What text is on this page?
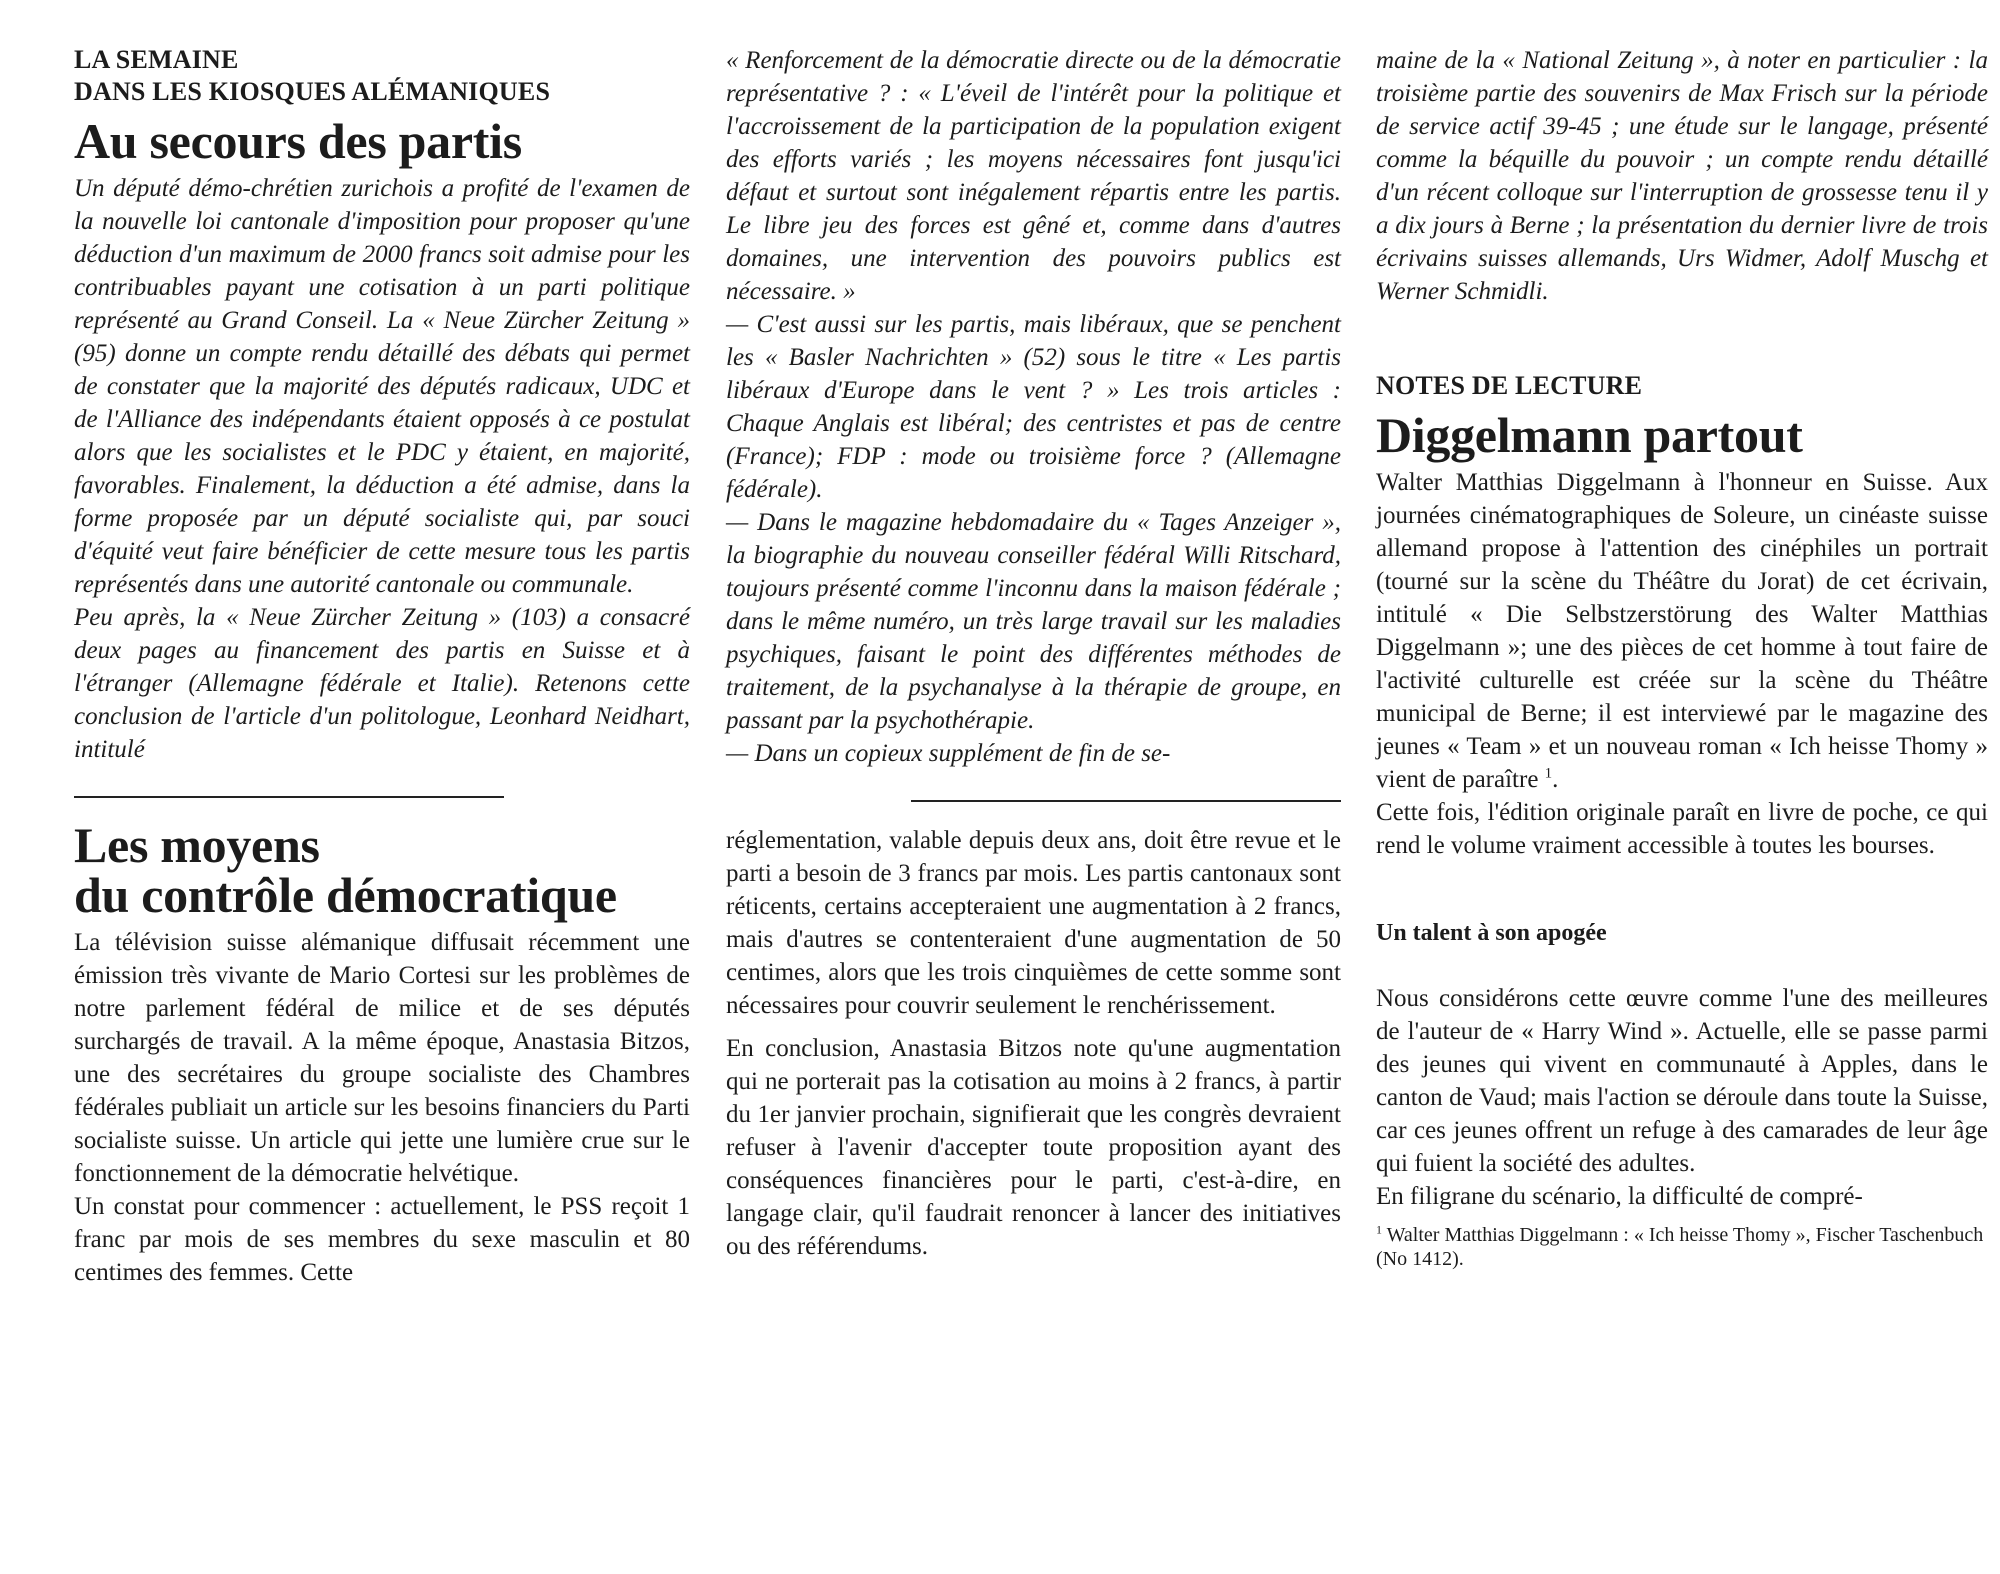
LA SEMAINE
DANS LES KIOSQUES ALÉMANIQUES
Au secours des partis

Un député démo-chrétien zurichois a profité de l'examen de la nouvelle loi cantonale d'imposition pour proposer qu'une déduction d'un maximum de 2000 francs soit admise pour les contribuables payant une cotisation à un parti politique représenté au Grand Conseil. La « Neue Zürcher Zeitung » (95) donne un compte rendu détaillé des débats qui permet de constater que la majorité des députés radicaux, UDC et de l'Alliance des indépendants étaient opposés à ce postulat alors que les socialistes et le PDC y étaient, en majorité, favorables. Finalement, la déduction a été admise, dans la forme proposée par un député socialiste qui, par souci d'équité veut faire bénéficier de cette mesure tous les partis représentés dans une autorité cantonale ou communale.

Peu après, la « Neue Zürcher Zeitung » (103) a consacré deux pages au financement des partis en Suisse et à l'étranger (Allemagne fédérale et Italie). Retenons cette conclusion de l'article d'un politologue, Leonhard Neidhart, intitulé

Les moyens
du contrôle démocratique

La télévision suisse alémanique diffusait récemment une émission très vivante de Mario Cortesi sur les problèmes de notre parlement fédéral de milice et de ses députés surchargés de travail. A la même époque, Anastasia Bitzos, une des secrétaires du groupe socialiste des Chambres fédérales publiait un article sur les besoins financiers du Parti socialiste suisse. Un article qui jette une lumière crue sur le fonctionnement de la démocratie helvétique.

Un constat pour commencer : actuellement, le PSS reçoit 1 franc par mois de ses membres du sexe masculin et 80 centimes des femmes. Cette

« Renforcement de la démocratie directe ou de la démocratie représentative ? : « L'éveil de l'intérêt pour la politique et l'accroissement de la participation de la population exigent des efforts variés ; les moyens nécessaires font jusqu'ici défaut et surtout sont inégalement répartis entre les partis. Le libre jeu des forces est gêné et, comme dans d'autres domaines, une intervention des pouvoirs publics est nécessaire. »

— C'est aussi sur les partis, mais libéraux, que se penchent les « Basler Nachrichten » (52) sous le titre « Les partis libéraux d'Europe dans le vent ? » Les trois articles : Chaque Anglais est libéral; des centristes et pas de centre (France); FDP : mode ou troisième force ? (Allemagne fédérale).

— Dans le magazine hebdomadaire du « Tages Anzeiger », la biographie du nouveau conseiller fédéral Willi Ritschard, toujours présenté comme l'inconnu dans la maison fédérale ; dans le même numéro, un très large travail sur les maladies psychiques, faisant le point des différentes méthodes de traitement, de la psychanalyse à la thérapie de groupe, en passant par la psychothérapie.

— Dans un copieux supplément de fin de se-

réglementation, valable depuis deux ans, doit être revue et le parti a besoin de 3 francs par mois. Les partis cantonaux sont réticents, certains accepteraient une augmentation à 2 francs, mais d'autres se contenteraient d'une augmentation de 50 centimes, alors que les trois cinquièmes de cette somme sont nécessaires pour couvrir seulement le renchérissement.

En conclusion, Anastasia Bitzos note qu'une augmentation qui ne porterait pas la cotisation au moins à 2 francs, à partir du 1er janvier prochain, signifierait que les congrès devraient refuser à l'avenir d'accepter toute proposition ayant des conséquences financières pour le parti, c'est-à-dire, en langage clair, qu'il faudrait renoncer à lancer des initiatives ou des référendums.

maine de la « National Zeitung », à noter en particulier : la troisième partie des souvenirs de Max Frisch sur la période de service actif 39-45 ; une étude sur le langage, présenté comme la béquille du pouvoir ; un compte rendu détaillé d'un récent colloque sur l'interruption de grossesse tenu il y a dix jours à Berne ; la présentation du dernier livre de trois écrivains suisses allemands, Urs Widmer, Adolf Muschg et Werner Schmidli.

NOTES DE LECTURE
Diggelmann partout

Walter Matthias Diggelmann à l'honneur en Suisse. Aux journées cinématographiques de Soleure, un cinéaste suisse allemand propose à l'attention des cinéphiles un portrait (tourné sur la scène du Théâtre du Jorat) de cet écrivain, intitulé « Die Selbstzerstörung des Walter Matthias Diggelmann »; une des pièces de cet homme à tout faire de l'activité culturelle est créée sur la scène du Théâtre municipal de Berne; il est interviewé par le magazine des jeunes « Team » et un nouveau roman « Ich heisse Thomy » vient de paraître $^1$.

Cette fois, l'édition originale paraît en livre de poche, ce qui rend le volume vraiment accessible à toutes les bourses.

Un talent à son apogée

Nous considérons cette œuvre comme l'une des meilleures de l'auteur de « Harry Wind ». Actuelle, elle se passe parmi des jeunes qui vivent en communauté à Apples, dans le canton de Vaud; mais l'action se déroule dans toute la Suisse, car ces jeunes offrent un refuge à des camarades de leur âge qui fuient la société des adultes.

En filigrane du scénario, la difficulté de compré-

$^1$ Walter Matthias Diggelmann : « Ich heisse Thomy », Fischer Taschenbuch (No 1412).
